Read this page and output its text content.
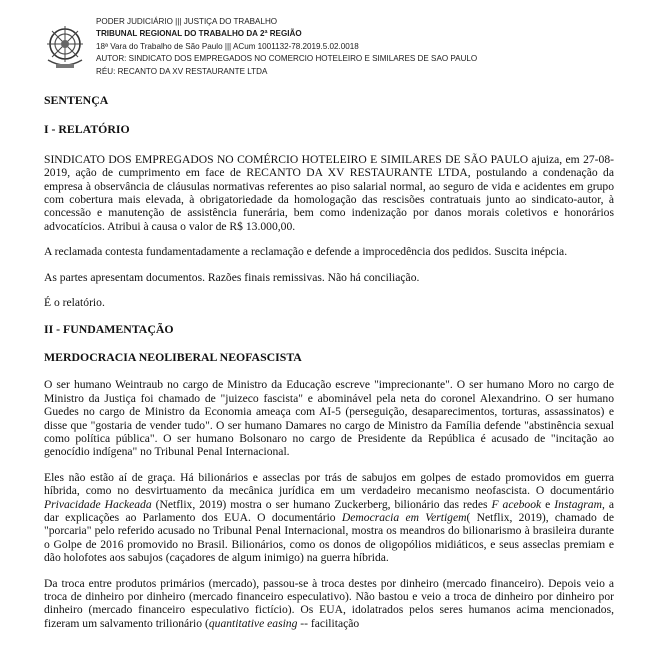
PODER JUDICIÁRIO ||| JUSTIÇA DO TRABALHO
TRIBUNAL REGIONAL DO TRABALHO DA 2ª REGIÃO
18ª Vara do Trabalho de São Paulo ||| ACum 1001132-78.2019.5.02.0018
AUTOR: SINDICATO DOS EMPREGADOS NO COMERCIO HOTELEIRO E SIMILARES DE SAO PAULO
RÉU: RECANTO DA XV RESTAURANTE LTDA

SENTENÇA

I - RELATÓRIO

SINDICATO DOS EMPREGADOS NO COMÉRCIO HOTELEIRO E SIMILARES DE SÃO PAULO ajuiza, em 27-08-2019, ação de cumprimento em face de RECANTO DA XV RESTAURANTE LTDA, postulando a condenação da empresa à observância de cláusulas normativas referentes ao piso salarial normal, ao seguro de vida e acidentes em grupo com cobertura mais elevada, à obrigatoriedade da homologação das rescisões contratuais junto ao sindicato-autor, à concessão e manutenção de assistência funerária, bem como indenização por danos morais coletivos e honorários advocatícios. Atribui à causa o valor de R$ 13.000,00.

A reclamada contesta fundamentadamente a reclamação e defende a improcedência dos pedidos. Suscita inépcia.

As partes apresentam documentos. Razões finais remissivas. Não há conciliação.

É o relatório.

II - FUNDAMENTAÇÃO

MERDOCRACIA NEOLIBERAL NEOFASCISTA

O ser humano Weintraub no cargo de Ministro da Educação escreve "imprecionante". O ser humano Moro no cargo de Ministro da Justiça foi chamado de "juizeco fascista" e abominável pela neta do coronel Alexandrino. O ser humano Guedes no cargo de Ministro da Economia ameaça com AI-5 (perseguição, desaparecimentos, torturas, assassinatos) e disse que "gostaria de vender tudo". O ser humano Damares no cargo de Ministro da Família defende "abstinência sexual como política pública". O ser humano Bolsonaro no cargo de Presidente da República é acusado de "incitação ao genocídio indígena" no Tribunal Penal Internacional.

Eles não estão aí de graça. Há bilionários e asseclas por trás de sabujos em golpes de estado promovidos em guerra híbrida, como no desvirtuamento da mecânica jurídica em um verdadeiro mecanismo neofascista. O documentário Privacidade Hackeada (Netflix, 2019) mostra o ser humano Zuckerberg, bilionário das redes F acebook e Instagram, a dar explicações ao Parlamento dos EUA. O documentário Democracia em Vertigem( Netflix, 2019), chamado de "porcaria" pelo referido acusado no Tribunal Penal Internacional, mostra os meandros do bilionarismo à brasileira durante o Golpe de 2016 promovido no Brasil. Bilionários, como os donos de oligopólios midiáticos, e seus asseclas premiam e dão holofotes aos sabujos (caçadores de algum inimigo) na guerra híbrida.

Da troca entre produtos primários (mercado), passou-se à troca destes por dinheiro (mercado financeiro). Depois veio a troca de dinheiro por dinheiro (mercado financeiro especulativo). Não bastou e veio a troca de dinheiro por dinheiro por dinheiro (mercado financeiro especulativo fictício). Os EUA, idolatrados pelos seres humanos acima mencionados, fizeram um salvamento trilionário (quantitative easing -- facilitação
